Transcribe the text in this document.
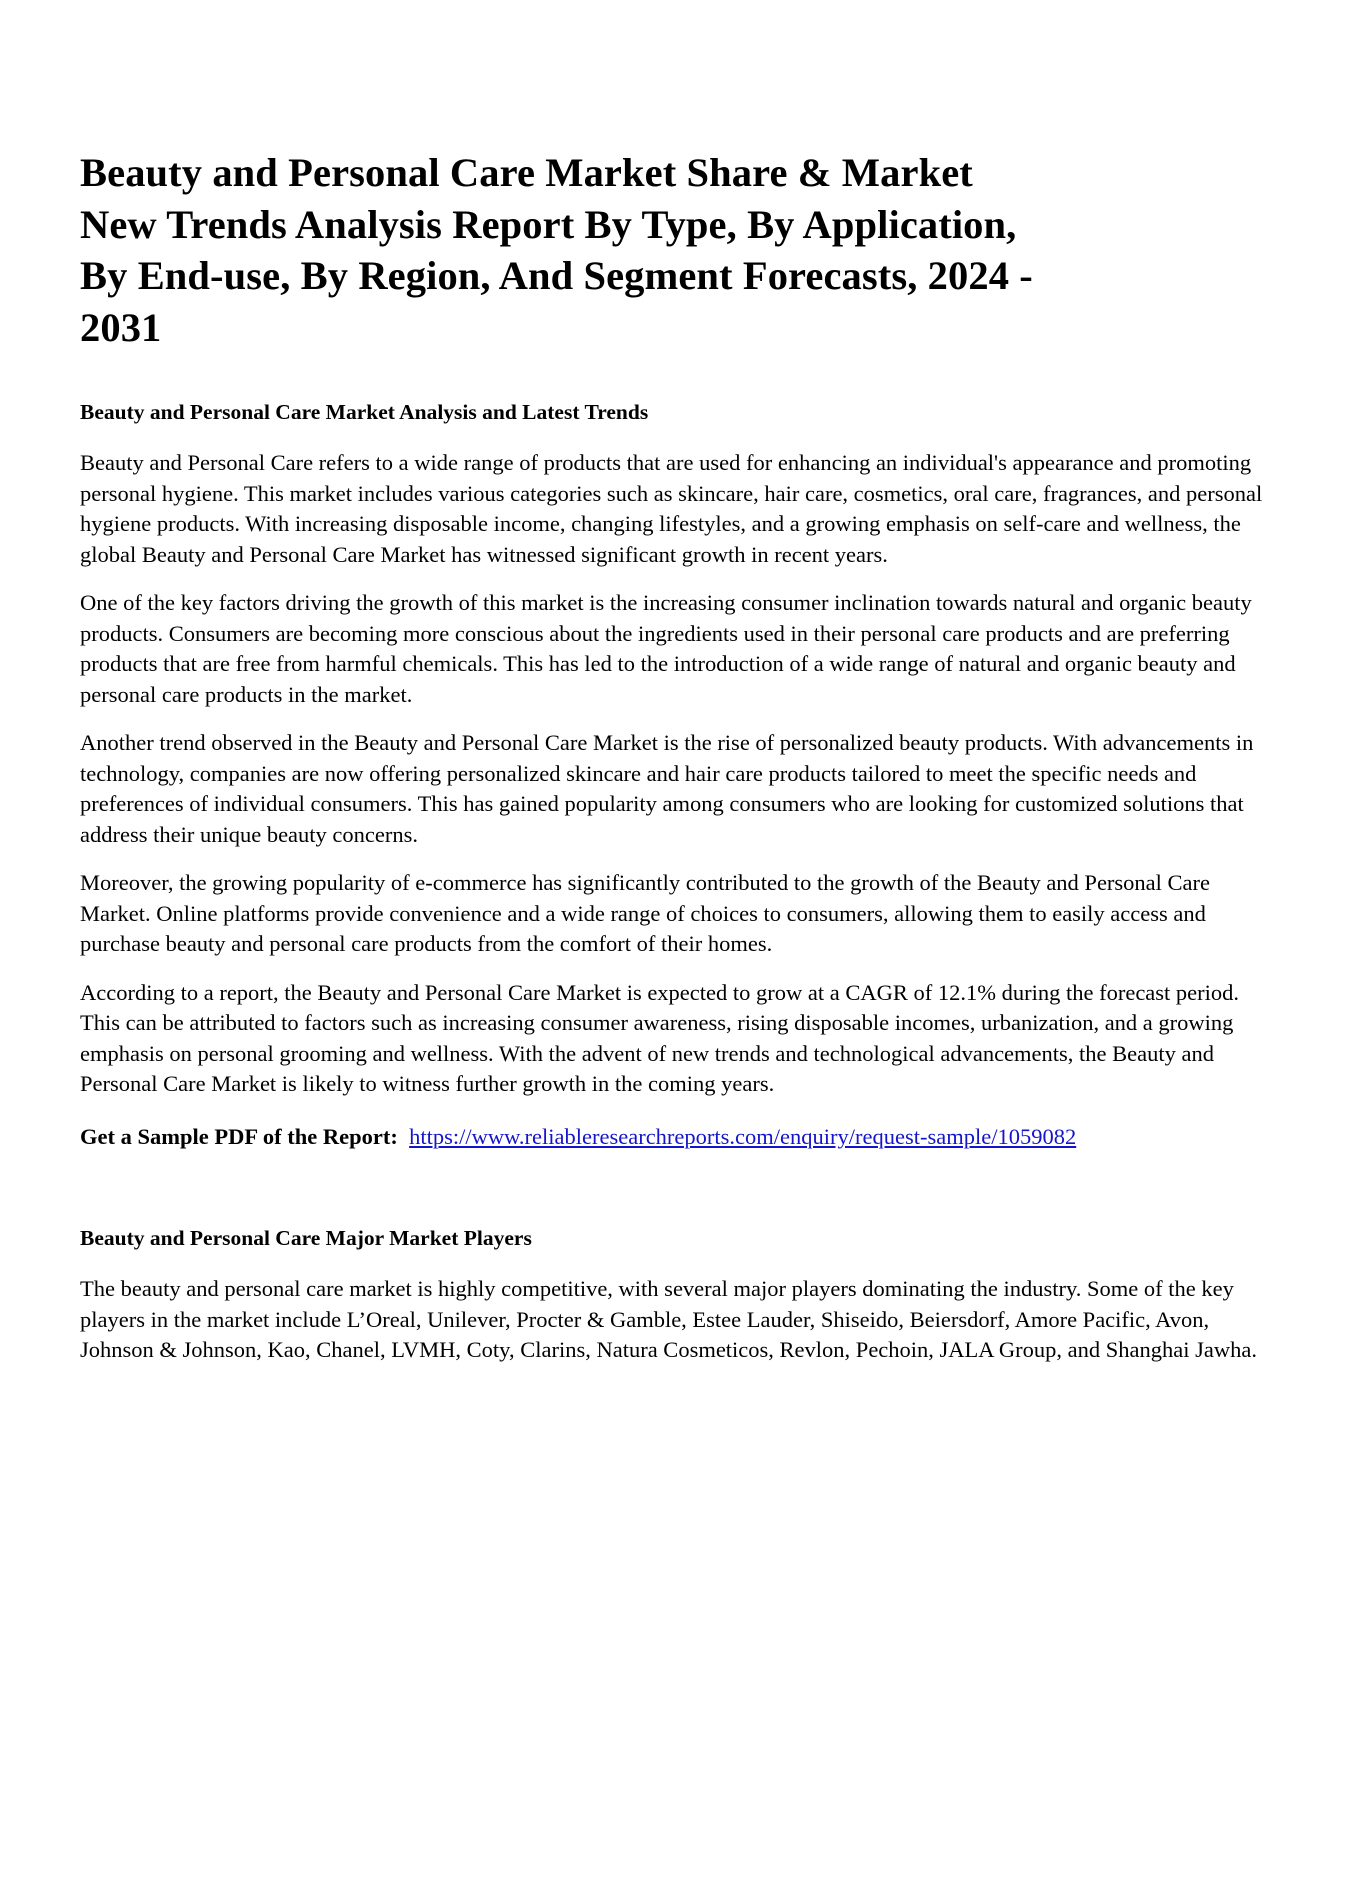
Beauty and Personal Care Market Share & Market New Trends Analysis Report By Type, By Application, By End-use, By Region, And Segment Forecasts, 2024 - 2031
Beauty and Personal Care Market Analysis and Latest Trends

Beauty and Personal Care refers to a wide range of products that are used for enhancing an individual's appearance and promoting personal hygiene. This market includes various categories such as skincare, hair care, cosmetics, oral care, fragrances, and personal hygiene products. With increasing disposable income, changing lifestyles, and a growing emphasis on self-care and wellness, the global Beauty and Personal Care Market has witnessed significant growth in recent years.

One of the key factors driving the growth of this market is the increasing consumer inclination towards natural and organic beauty products. Consumers are becoming more conscious about the ingredients used in their personal care products and are preferring products that are free from harmful chemicals. This has led to the introduction of a wide range of natural and organic beauty and personal care products in the market.

Another trend observed in the Beauty and Personal Care Market is the rise of personalized beauty products. With advancements in technology, companies are now offering personalized skincare and hair care products tailored to meet the specific needs and preferences of individual consumers. This has gained popularity among consumers who are looking for customized solutions that address their unique beauty concerns.

Moreover, the growing popularity of e-commerce has significantly contributed to the growth of the Beauty and Personal Care Market. Online platforms provide convenience and a wide range of choices to consumers, allowing them to easily access and purchase beauty and personal care products from the comfort of their homes.

According to a report, the Beauty and Personal Care Market is expected to grow at a CAGR of 12.1% during the forecast period. This can be attributed to factors such as increasing consumer awareness, rising disposable incomes, urbanization, and a growing emphasis on personal grooming and wellness. With the advent of new trends and technological advancements, the Beauty and Personal Care Market is likely to witness further growth in the coming years.

Get a Sample PDF of the Report: https://www.reliableresearchreports.com/enquiry/request-sample/1059082

Beauty and Personal Care Major Market Players

The beauty and personal care market is highly competitive, with several major players dominating the industry. Some of the key players in the market include L’Oreal, Unilever, Procter & Gamble, Estee Lauder, Shiseido, Beiersdorf, Amore Pacific, Avon, Johnson & Johnson, Kao, Chanel, LVMH, Coty, Clarins, Natura Cosmeticos, Revlon, Pechoin, JALA Group, and Shanghai Jawha.
